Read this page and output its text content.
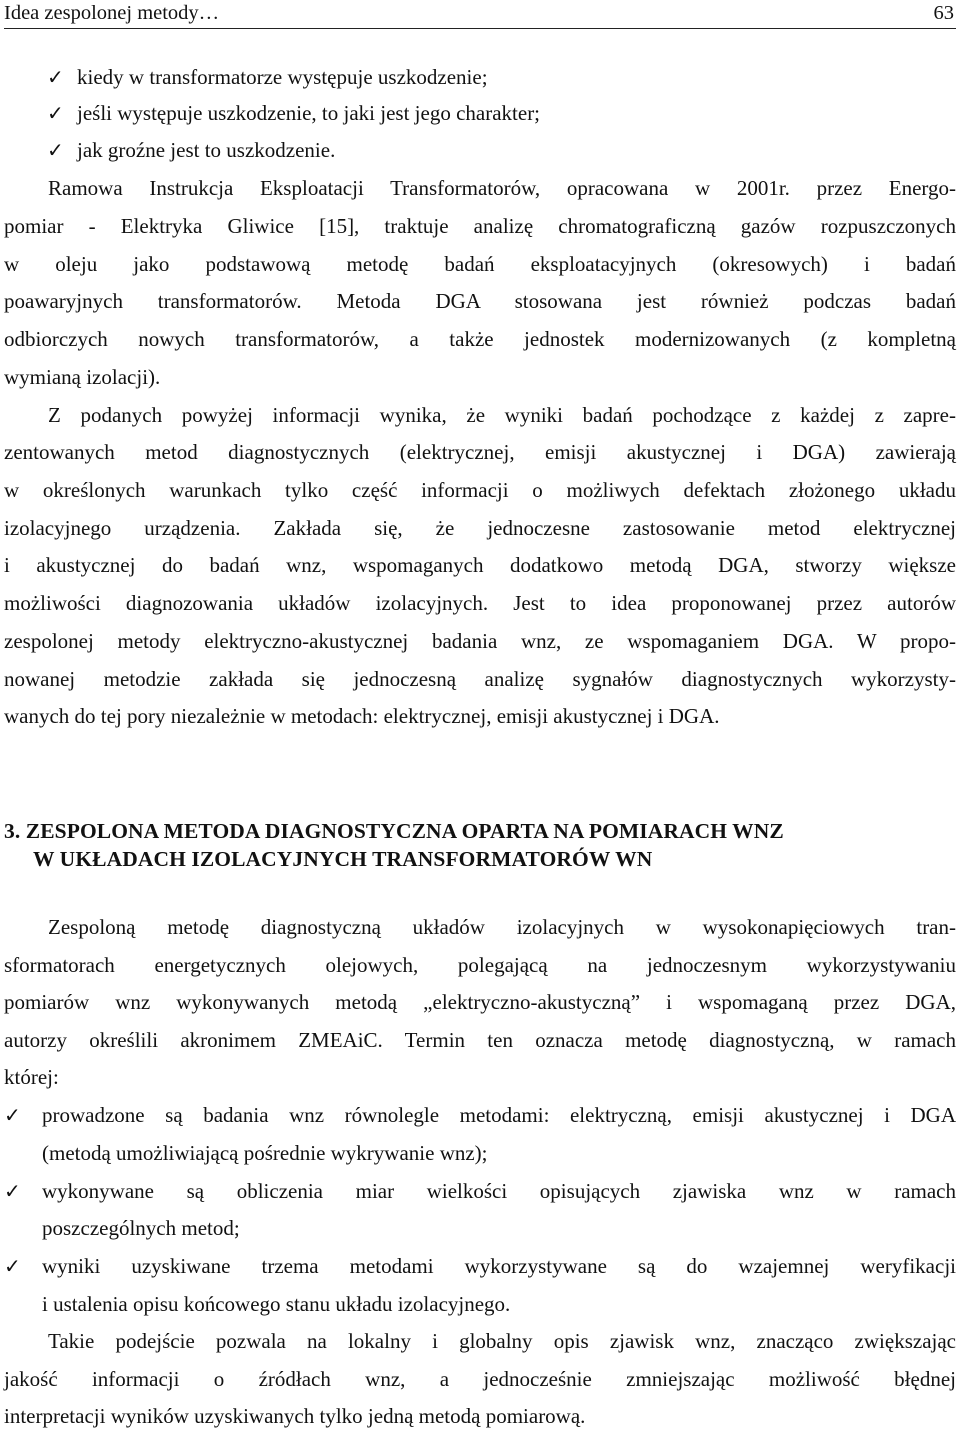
Idea zespolonej metody…	63
✓ kiedy w transformatorze występuje uszkodzenie;
✓ jeśli występuje uszkodzenie, to jaki jest jego charakter;
✓ jak groźne jest to uszkodzenie.
Ramowa Instrukcja Eksploatacji Transformatorów, opracowana w 2001r. przez Energo-
pomiar - Elektryka Gliwice [15], traktuje analizę chromatograficzną gazów rozpuszczonych
w oleju jako podstawową metodę badań eksploatacyjnych (okresowych) i badań
poawaryjnych transformatorów. Metoda DGA stosowana jest również podczas badań
odbiorczych nowych transformatorów, a także jednostek modernizowanych (z kompletną
wymianą izolacji).
Z podanych powyżej informacji wynika, że wyniki badań pochodzące z każdej z zapre-
zentowanych metod diagnostycznych (elektrycznej, emisji akustycznej i DGA) zawierają
w określonych warunkach tylko część informacji o możliwych defektach złożonego układu
izolacyjnego urządzenia. Zakłada się, że jednoczesne zastosowanie metod elektrycznej
i akustycznej do badań wnz, wspomaganych dodatkowo metodą DGA, stworzy większe
możliwości diagnozowania układów izolacyjnych. Jest to idea proponowanej przez autorów
zespolonej metody elektryczno-akustycznej badania wnz, ze wspomaganiem DGA. W propo-
nowanej metodzie zakłada się jednoczesną analizę sygnałów diagnostycznych wykorzysty-
wanych do tej pory niezależnie w metodach: elektrycznej, emisji akustycznej i DGA.
3. ZESPOLONA METODA DIAGNOSTYCZNA OPARTA NA POMIARACH WNZ
W UKŁADACH IZOLACYJNYCH TRANSFORMATORÓW WN
Zespoloną metodę diagnostyczną układów izolacyjnych w wysokonapięciowych tran-
sformatorach energetycznych olejowych, polegającą na jednoczesnym wykorzystywaniu
pomiarów wnz wykonywanych metodą „elektryczno-akustyczną” i wspomaganą przez DGA,
autorzy określili akronimem ZMEAiC. Termin ten oznacza metodę diagnostyczną, w ramach
której:
✓ prowadzone są badania wnz równolegle metodami: elektryczną, emisji akustycznej i DGA
(metodą umożliwiającą pośrednie wykrywanie wnz);
✓ wykonywane są obliczenia miar wielkości opisujących zjawiska wnz w ramach
poszczególnych metod;
✓ wyniki uzyskiwane trzema metodami wykorzystywane są do wzajemnej weryfikacji
i ustalenia opisu końcowego stanu układu izolacyjnego.
Takie podejście pozwala na lokalny i globalny opis zjawisk wnz, znacząco zwiększając
jakość informacji o źródłach wnz, a jednocześnie zmniejszając możliwość błędnej
interpretacji wyników uzyskiwanych tylko jedną metodą pomiarową.
